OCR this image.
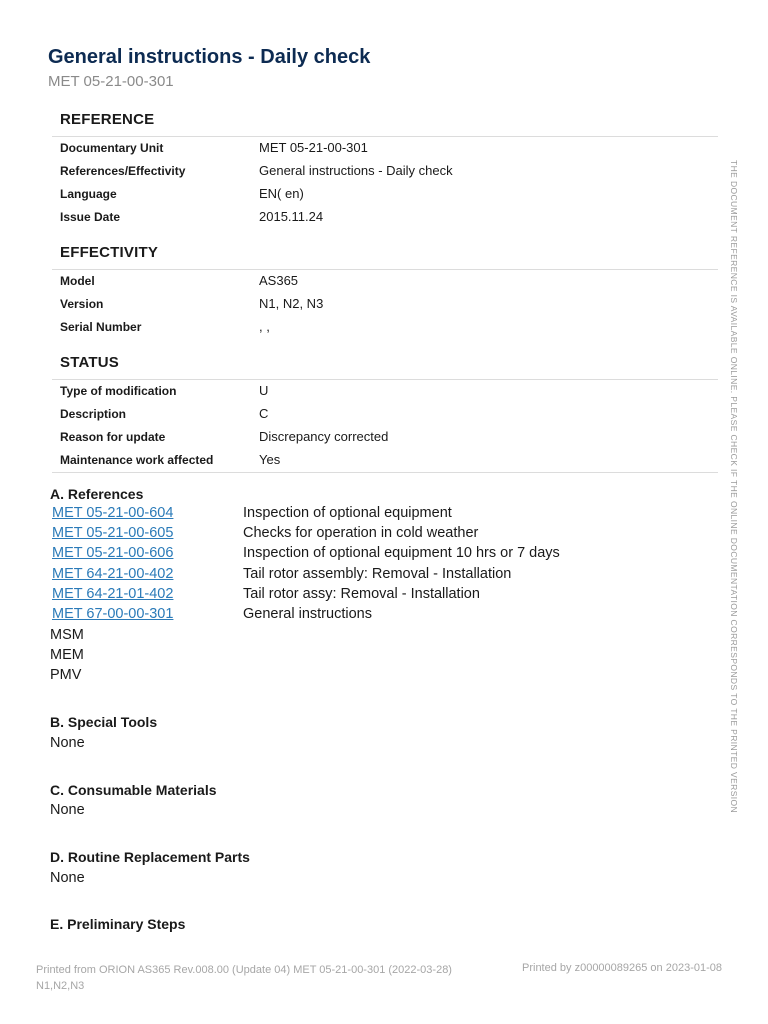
General instructions - Daily check
MET 05-21-00-301
REFERENCE
Documentary Unit	MET 05-21-00-301
References/Effectivity	General instructions - Daily check
Language	EN( en)
Issue Date	2015.11.24
EFFECTIVITY
Model	AS365
Version	N1, N2, N3
Serial Number	, ,
STATUS
Type of modification	U
Description	C
Reason for update	Discrepancy corrected
Maintenance work affected	Yes
A. References
MET 05-21-00-604	Inspection of optional equipment
MET 05-21-00-605	Checks for operation in cold weather
MET 05-21-00-606	Inspection of optional equipment 10 hrs or 7 days
MET 64-21-00-402	Tail rotor assembly: Removal - Installation
MET 64-21-01-402	Tail rotor assy: Removal - Installation
MET 67-00-00-301	General instructions
MSM
MEM
PMV
B. Special Tools
None
C. Consumable Materials
None
D. Routine Replacement Parts
None
E. Preliminary Steps
THE DOCUMENT REFERENCE IS AVAILABLE ONLINE. PLEASE CHECK IF THE ONLINE DOCUMENTATION CORRESPONDS TO THE PRINTED VERSION
Printed from ORION AS365 Rev.008.00 (Update 04) MET 05-21-00-301 (2022-03-28) N1,N2,N3
Printed by z00000089265 on 2023-01-08
